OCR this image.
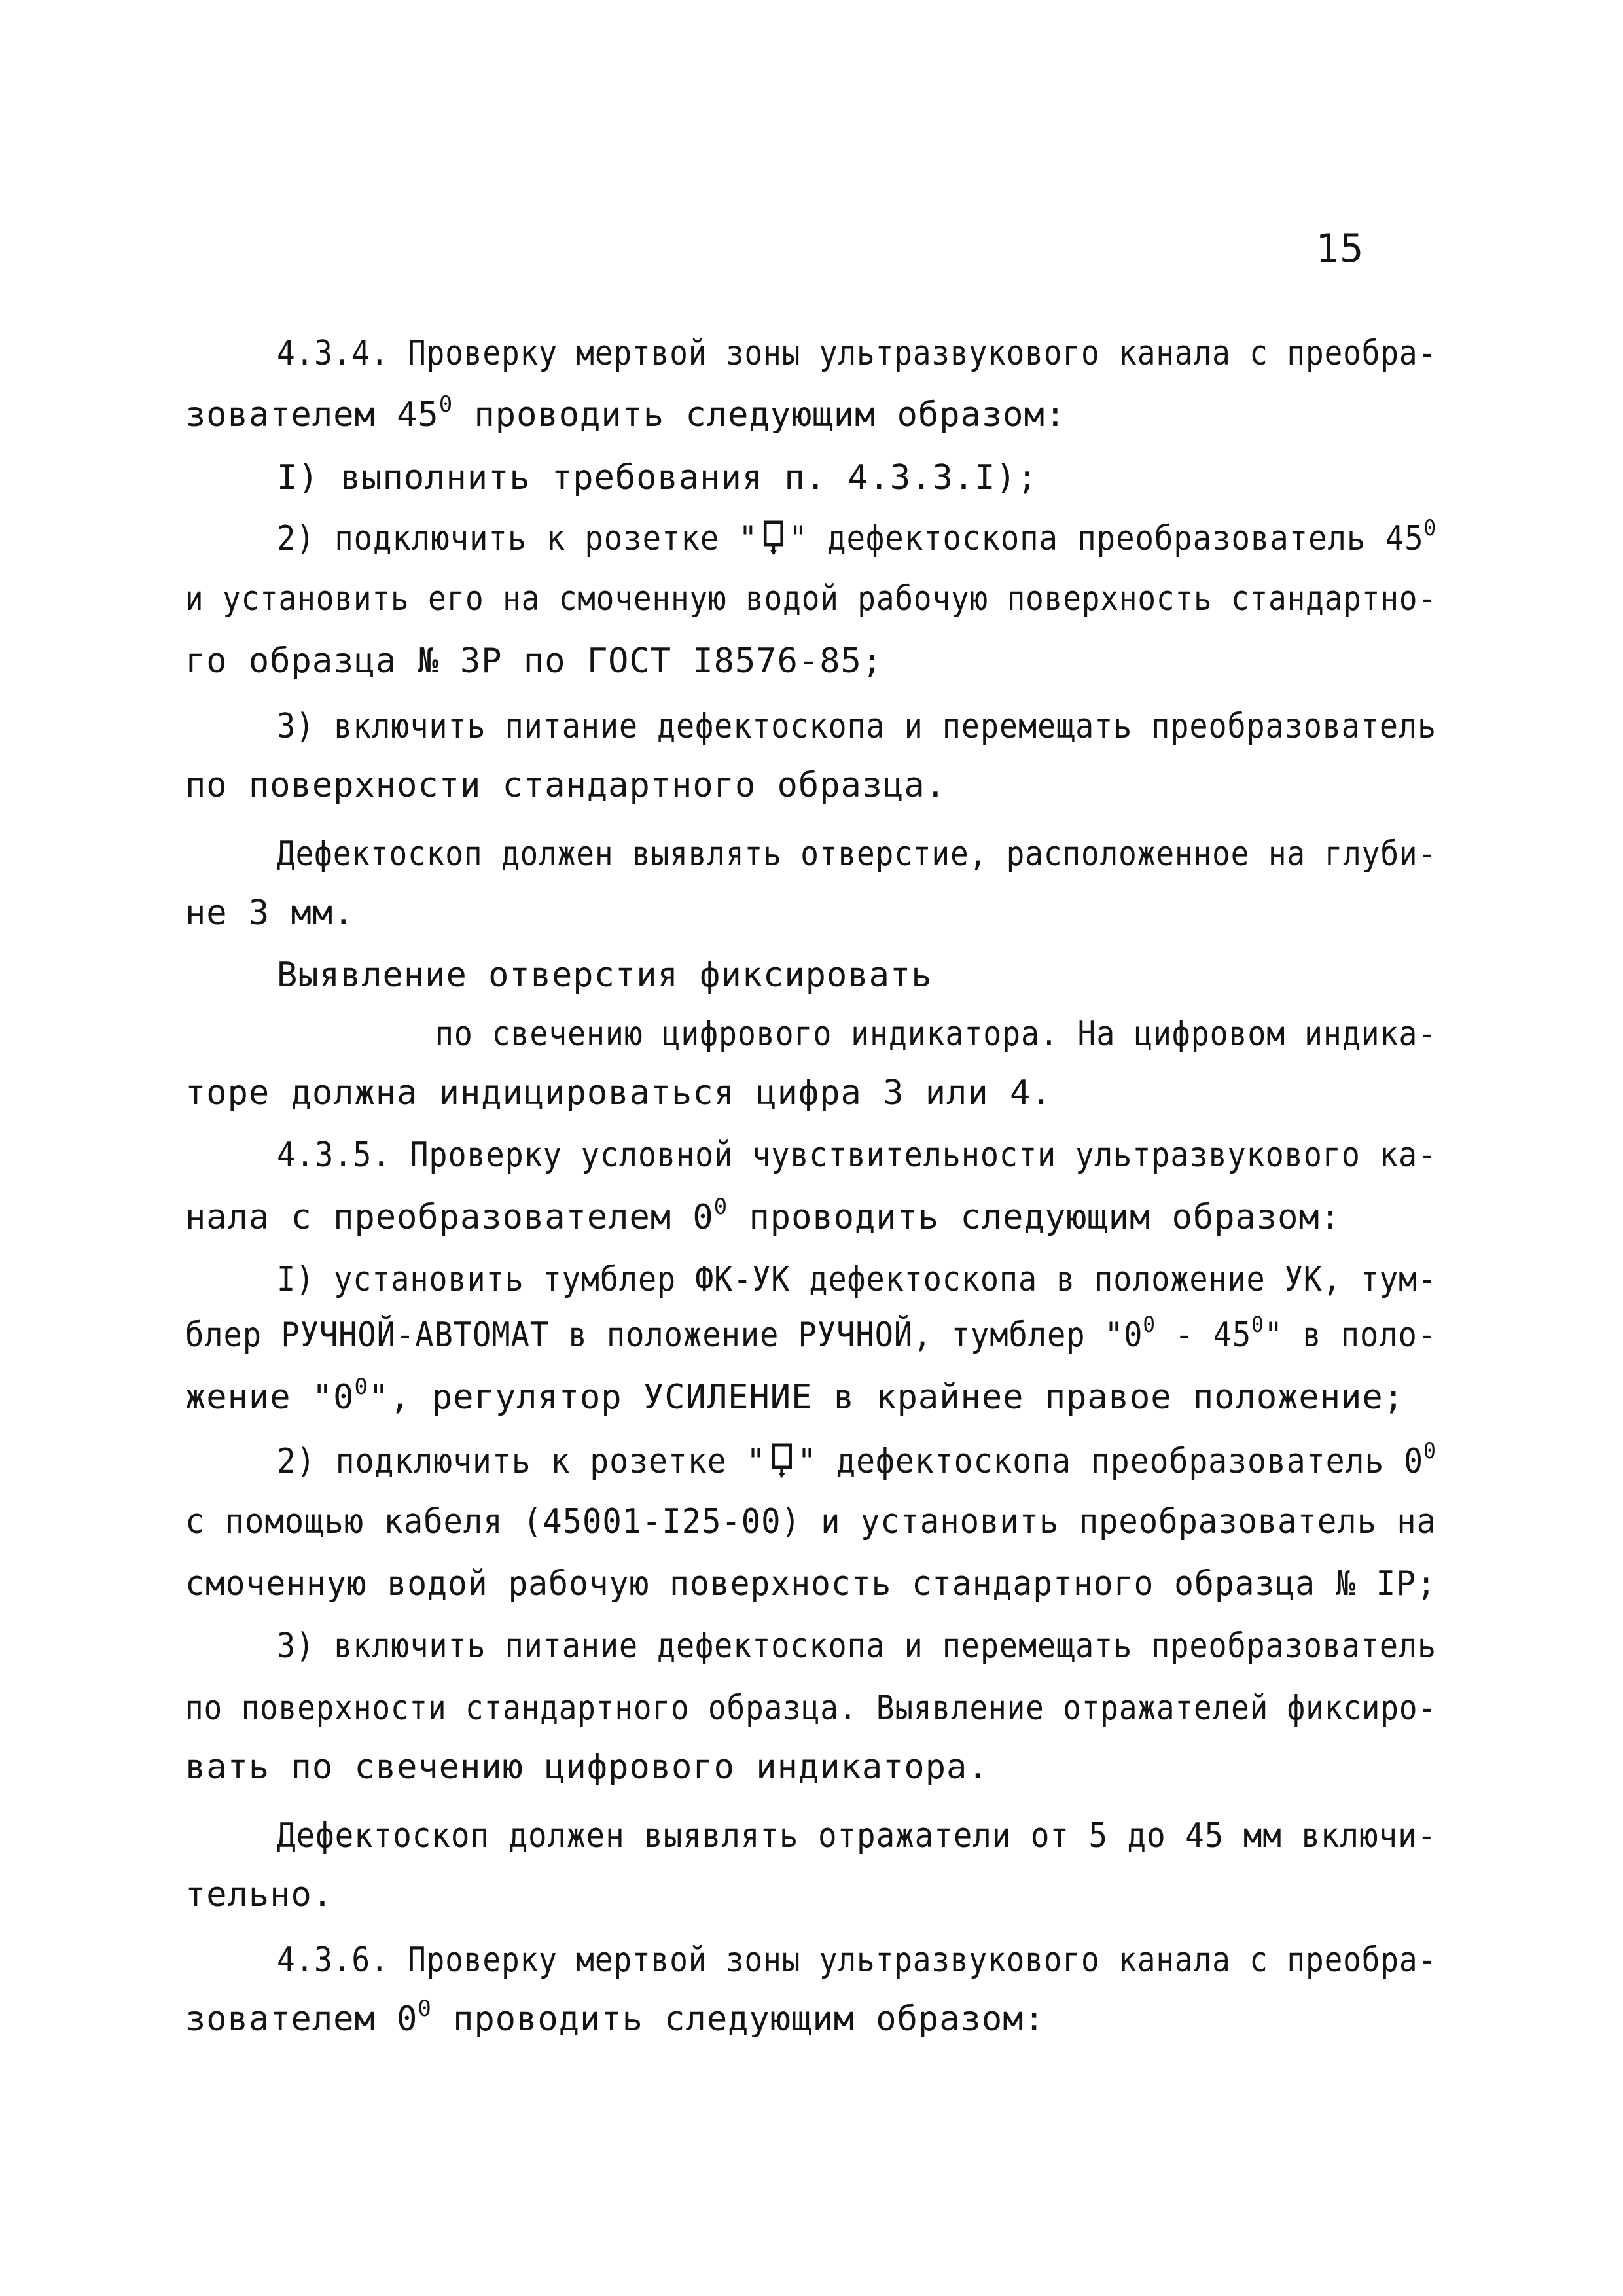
15
4.3.4. Проверку мертвой зоны ультразвукового канала с преобра-
зователем $45^0$ проводить следующим образом:
I) выполнить требования п. 4.3.3.I);
2) подключить к розетке " " дефектоскопа преобразователь $45^0$
и установить его на смоченную водой рабочую поверхность стандартно-
го образца № 3Р по ГОСТ I8576-85;
3) включить питание дефектоскопа и перемещать преобразователь
по поверхности стандартного образца.
Дефектоскоп должен выявлять отверстие, расположенное на глуби-
не 3 мм.
Выявление отверстия фиксировать
по свечению цифрового индикатора. На цифровом индика-
торе должна индицироваться цифра 3 или 4.
4.3.5. Проверку условной чувствительности ультразвукового ка-
нала с преобразователем $0^0$ проводить следующим образом:
I) установить тумблер ФК-УК дефектоскопа в положение УК, тум-
блер РУЧНОЙ-АВТОМАТ в положение РУЧНОЙ, тумблер "$0^0 - 45^0$" в поло-
жение "$0^0$", регулятор УСИЛЕНИЕ в крайнее правое положение;
2) подключить к розетке " " дефектоскопа преобразователь $0^0$
с помощью кабеля (45001-I25-00) и установить преобразователь на
смоченную водой рабочую поверхность стандартного образца № IР;
3) включить питание дефектоскопа и перемещать преобразователь
по поверхности стандартного образца. Выявление отражателей фиксиро-
вать по свечению цифрового индикатора.
Дефектоскоп должен выявлять отражатели от 5 до 45 мм включи-
тельно.
4.3.6. Проверку мертвой зоны ультразвукового канала с преобра-
зователем $0^0$ проводить следующим образом:
